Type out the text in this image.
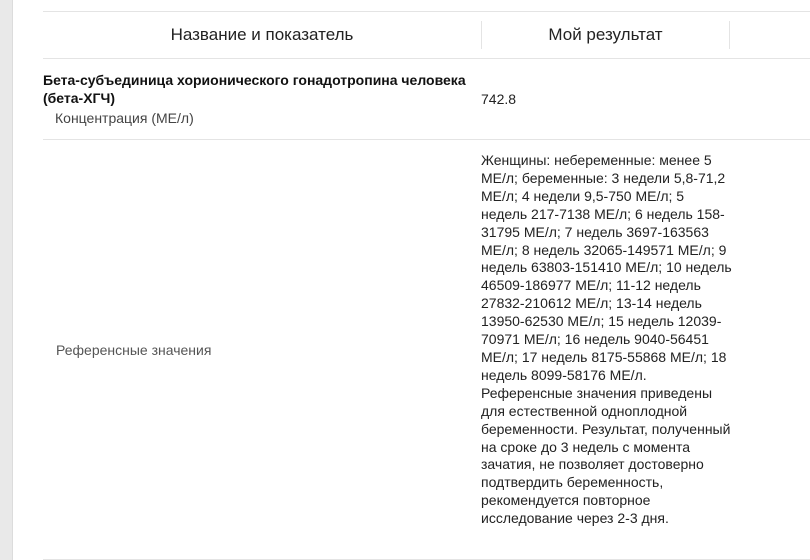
Название и показатель	Мой результат
Бета-субъединица хорионического гонадотропина человека (бета-ХГЧ)
Концентрация (МЕ/л)
742.8
Референсные значения
Женщины: небеременные: менее 5 МЕ/л; беременные: 3 недели 5,8-71,2 МЕ/л; 4 недели 9,5-750 МЕ/л; 5 недель 217-7138 МЕ/л; 6 недель 158-31795 МЕ/л; 7 недель 3697-163563 МЕ/л; 8 недель 32065-149571 МЕ/л; 9 недель 63803-151410 МЕ/л; 10 недель 46509-186977 МЕ/л; 11-12 недель 27832-210612 МЕ/л; 13-14 недель 13950-62530 МЕ/л; 15 недель 12039-70971 МЕ/л; 16 недель 9040-56451 МЕ/л; 17 недель 8175-55868 МЕ/л; 18 недель 8099-58176 МЕ/л. Референсные значения приведены для естественной одноплодной беременности. Результат, полученный на сроке до 3 недель с момента зачатия, не позволяет достоверно подтвердить беременность, рекомендуется повторное исследование через 2-3 дня.
